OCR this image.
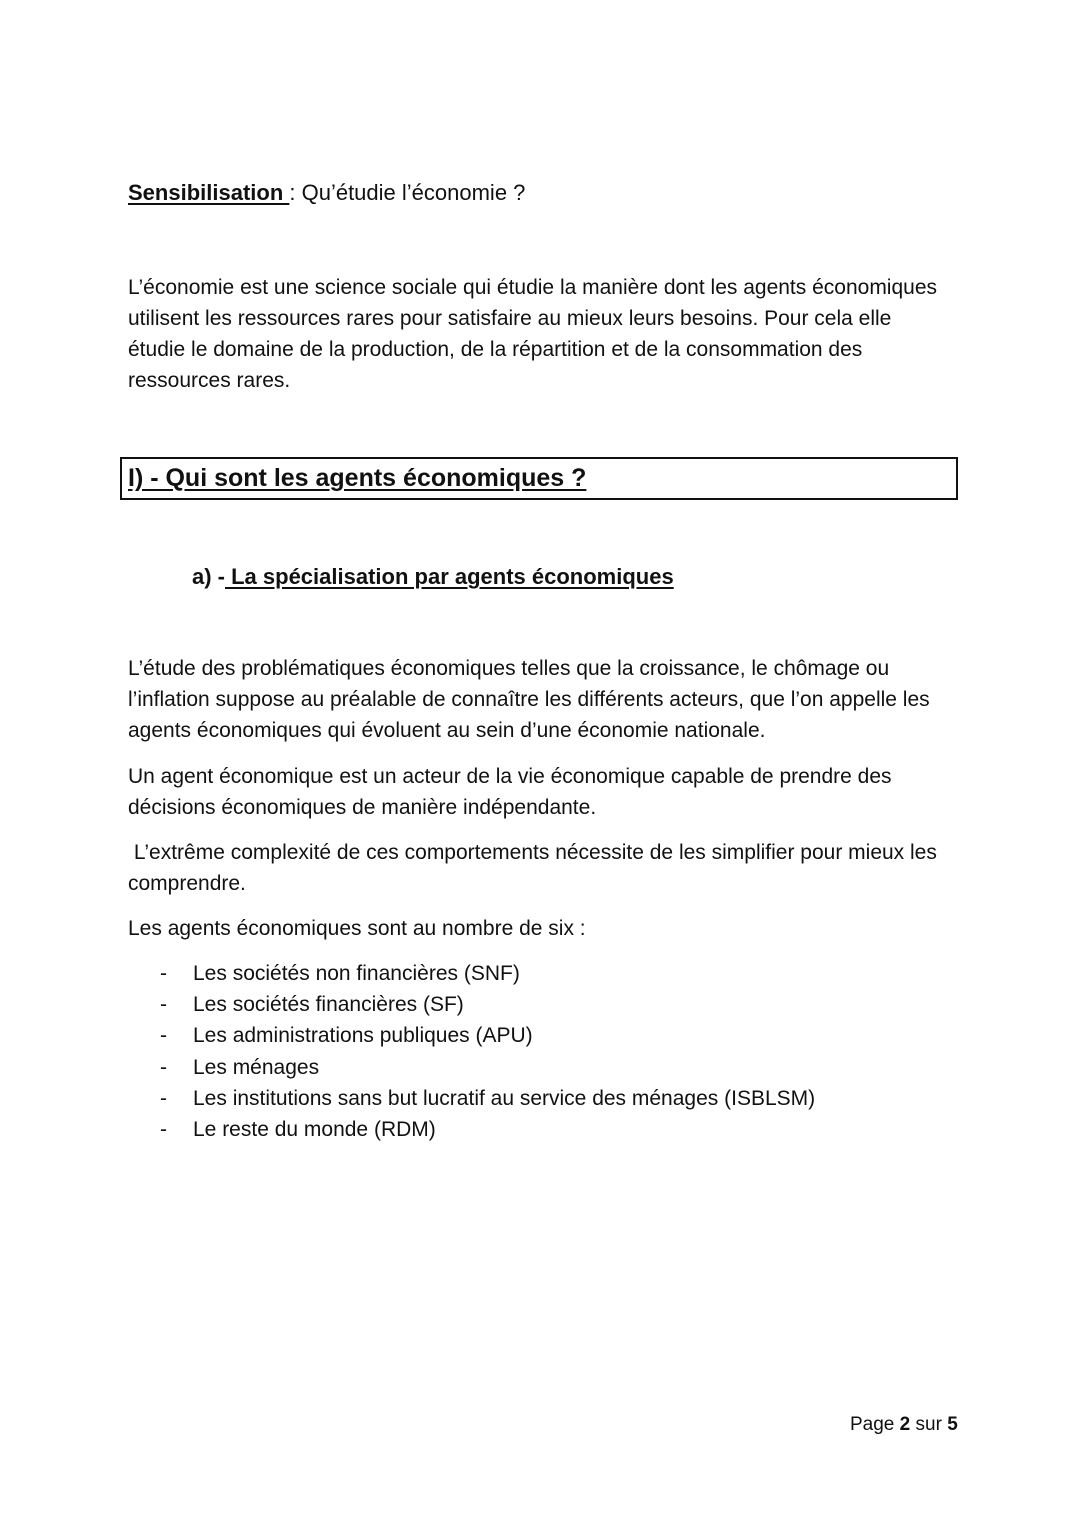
Sensibilisation : Qu’étudie l’économie ?

L’économie est une science sociale qui étudie la manière dont les agents économiques utilisent les ressources rares pour satisfaire au mieux leurs besoins. Pour cela elle étudie le domaine de la production, de la répartition et de la consommation des ressources rares.

I) - Qui sont les agents économiques ?
a) - La spécialisation par agents économiques

L’étude des problématiques économiques telles que la croissance, le chômage ou l’inflation suppose au préalable de connaître les différents acteurs, que l’on appelle les agents économiques qui évoluent au sein d’une économie nationale.

Un agent économique est un acteur de la vie économique capable de prendre des décisions économiques de manière indépendante.

L’extrême complexité de ces comportements nécessite de les simplifier pour mieux les comprendre.

Les agents économiques sont au nombre de six :

- Les sociétés non financières (SNF)
- Les sociétés financières (SF)
- Les administrations publiques (APU)
- Les ménages
- Les institutions sans but lucratif au service des ménages (ISBLSM)
- Le reste du monde (RDM)
Page 2 sur 5
